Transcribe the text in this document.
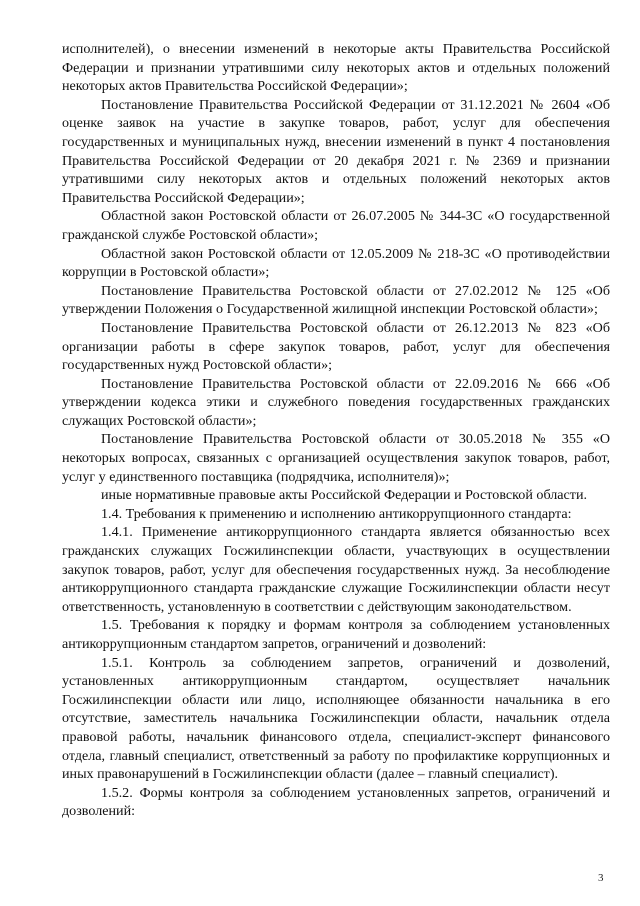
исполнителей), о внесении изменений в некоторые акты Правительства Российской Федерации и признании утратившими силу некоторых актов и отдельных положений некоторых актов Правительства Российской Федерации»;

Постановление Правительства Российской Федерации от 31.12.2021 № 2604 «Об оценке заявок на участие в закупке товаров, работ, услуг для обеспечения государственных и муниципальных нужд, внесении изменений в пункт 4 постановления Правительства Российской Федерации от 20 декабря 2021 г. № 2369 и признании утратившими силу некоторых актов и отдельных положений некоторых актов Правительства Российской Федерации»;

Областной закон Ростовской области от 26.07.2005 № 344-ЗС «О государственной гражданской службе Ростовской области»;

Областной закон Ростовской области от 12.05.2009 № 218-ЗС «О противодействии коррупции в Ростовской области»;

Постановление Правительства Ростовской области от 27.02.2012 № 125 «Об утверждении Положения о Государственной жилищной инспекции Ростовской области»;

Постановление Правительства Ростовской области от 26.12.2013 № 823 «Об организации работы в сфере закупок товаров, работ, услуг для обеспечения государственных нужд Ростовской области»;

Постановление Правительства Ростовской области от 22.09.2016 № 666 «Об утверждении кодекса этики и служебного поведения государственных гражданских служащих Ростовской области»;

Постановление Правительства Ростовской области от 30.05.2018 № 355 «О некоторых вопросах, связанных с организацией осуществления закупок товаров, работ, услуг у единственного поставщика (подрядчика, исполнителя)»;

иные нормативные правовые акты Российской Федерации и Ростовской области.

1.4. Требования к применению и исполнению антикоррупционного стандарта:

1.4.1. Применение антикоррупционного стандарта является обязанностью всех гражданских служащих Госжилинспекции области, участвующих в осуществлении закупок товаров, работ, услуг для обеспечения государственных нужд. За несоблюдение антикоррупционного стандарта гражданские служащие Госжилинспекции области несут ответственность, установленную в соответствии с действующим законодательством.

1.5. Требования к порядку и формам контроля за соблюдением установленных антикоррупционным стандартом запретов, ограничений и дозволений:

1.5.1. Контроль за соблюдением запретов, ограничений и дозволений, установленных антикоррупционным стандартом, осуществляет начальник Госжилинспекции области или лицо, исполняющее обязанности начальника в его отсутствие, заместитель начальника Госжилинспекции области, начальник отдела правовой работы, начальник финансового отдела, специалист-эксперт финансового отдела, главный специалист, ответственный за работу по профилактике коррупционных и иных правонарушений в Госжилинспекции области (далее – главный специалист).

1.5.2. Формы контроля за соблюдением установленных запретов, ограничений и дозволений:

3
